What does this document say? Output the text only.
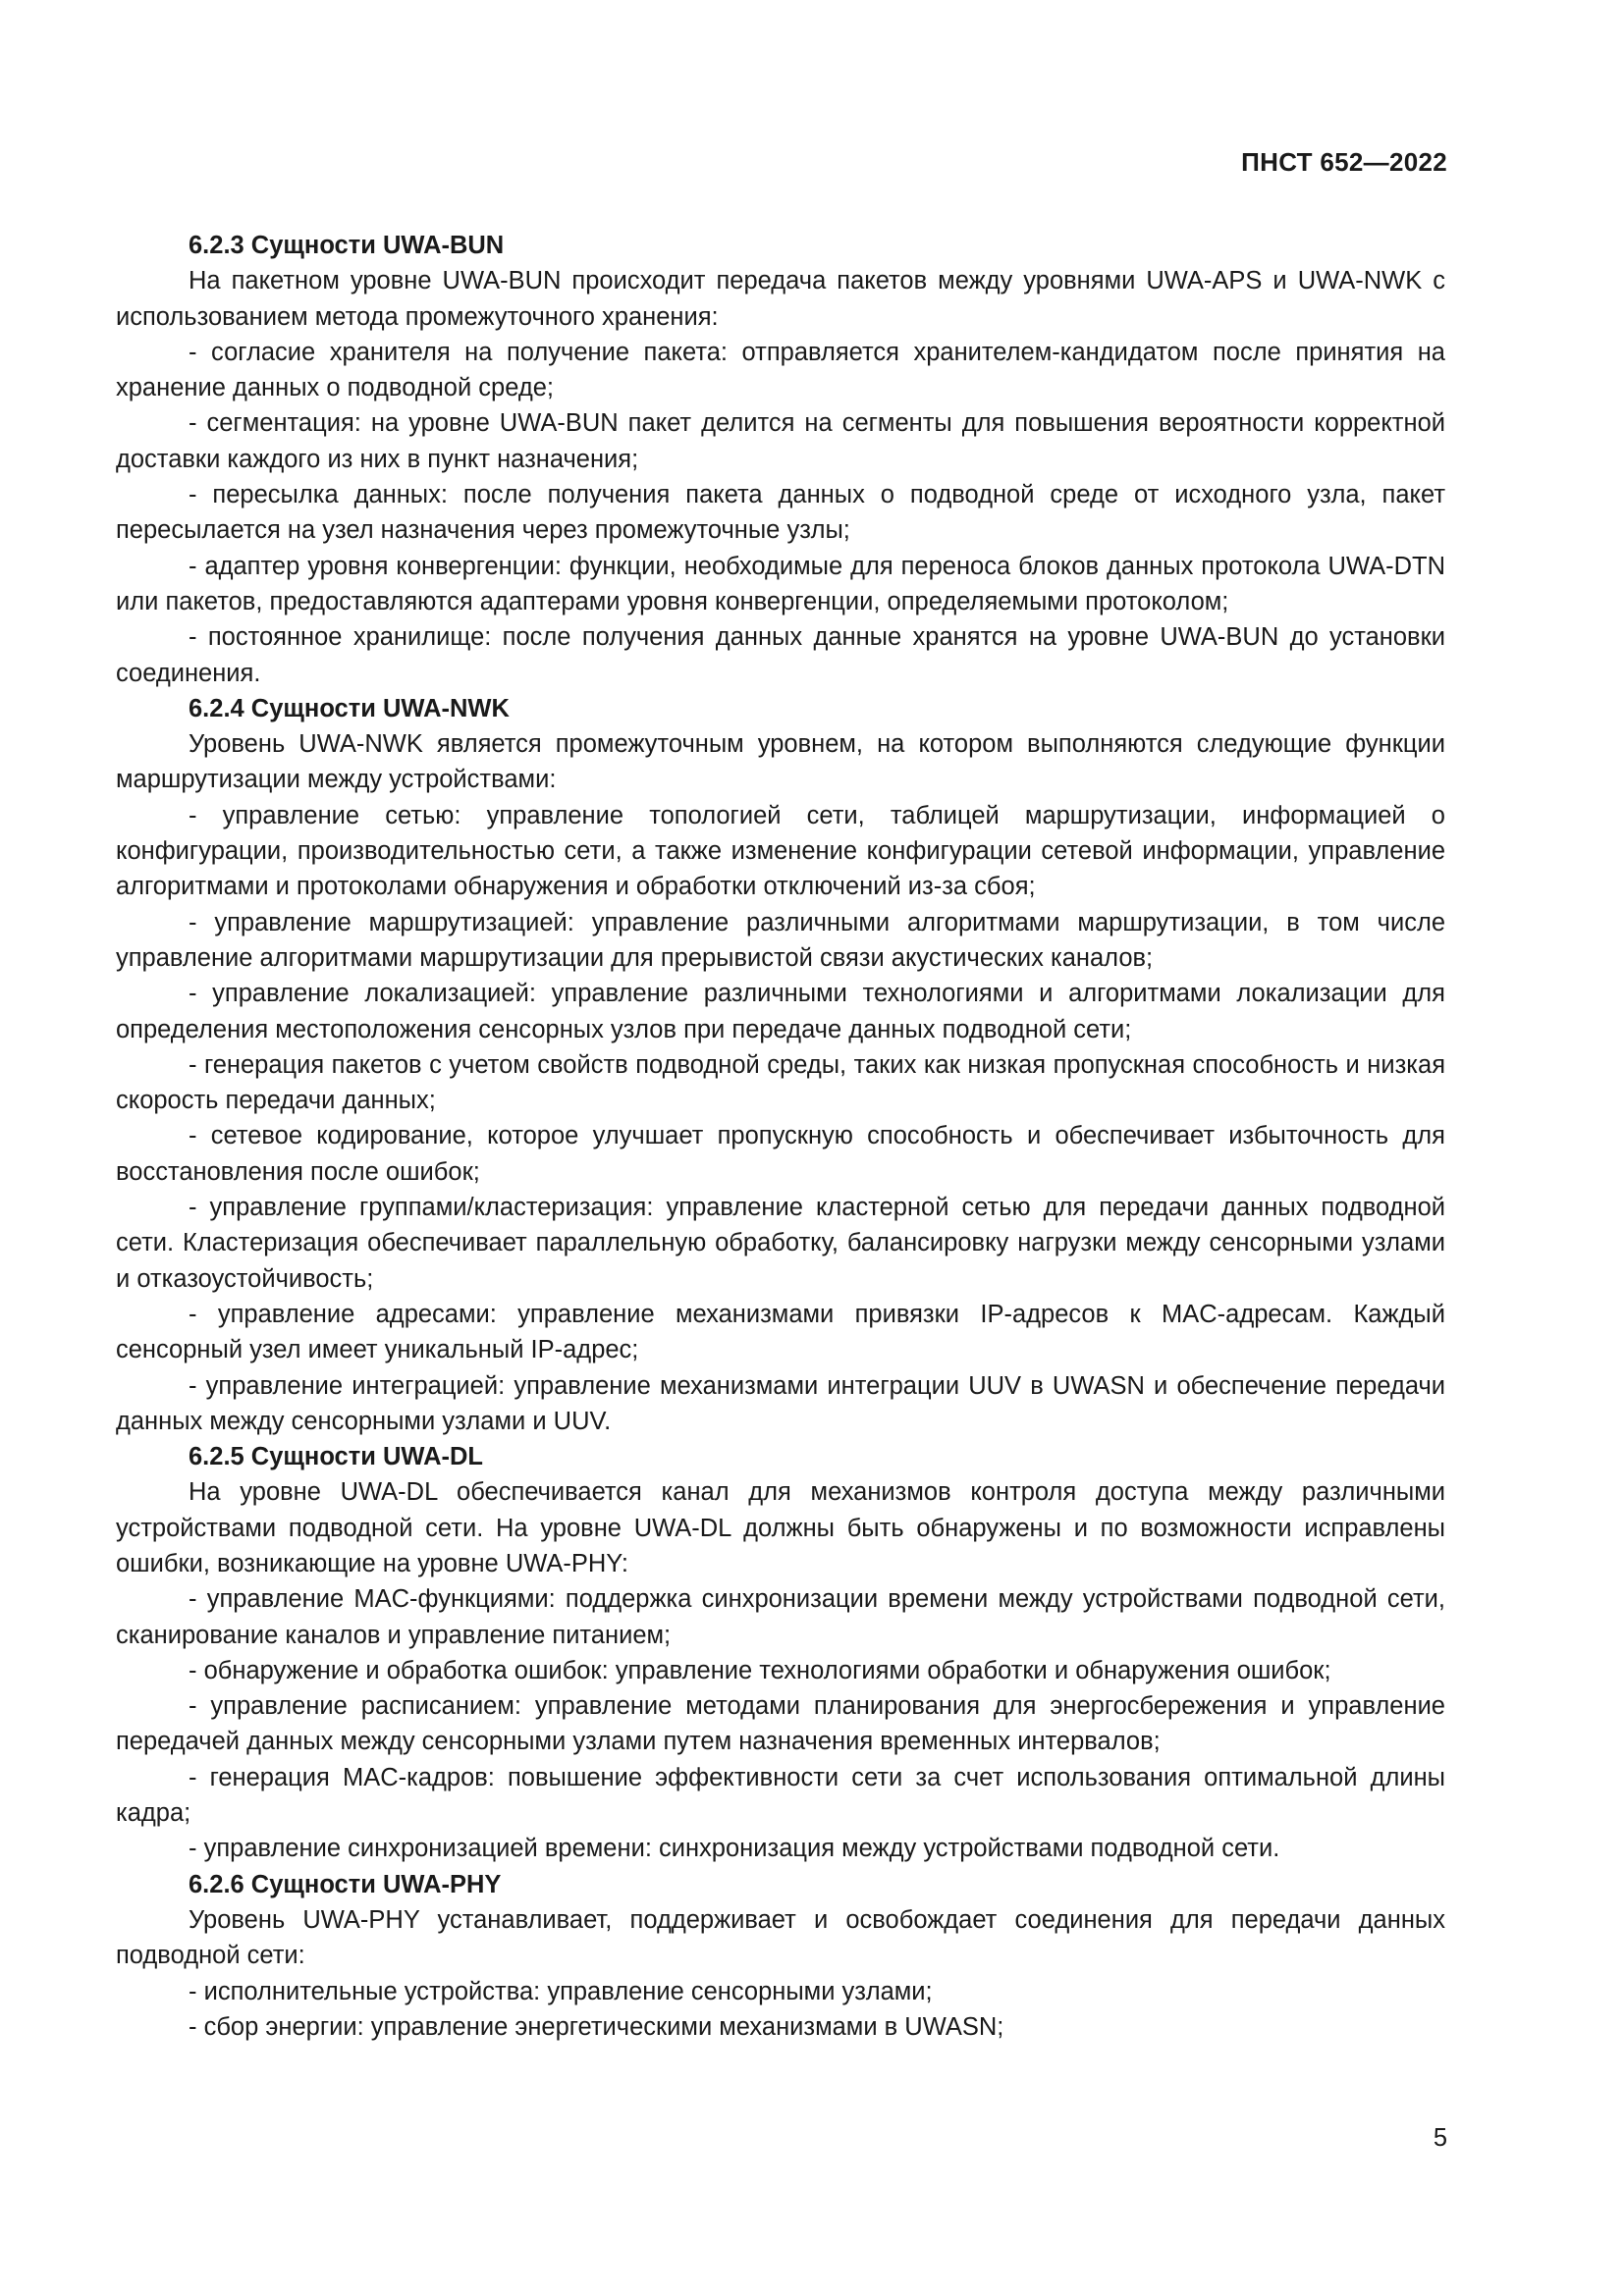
ПНСТ 652—2022

6.2.3 Сущности UWA-BUN

На пакетном уровне UWA-BUN происходит передача пакетов между уровнями UWA-APS и UWA-NWK с использованием метода промежуточного хранения:

- согласие хранителя на получение пакета: отправляется хранителем-кандидатом после принятия на хранение данных о подводной среде;

- сегментация: на уровне UWA-BUN пакет делится на сегменты для повышения вероятности корректной доставки каждого из них в пункт назначения;

- пересылка данных: после получения пакета данных о подводной среде от исходного узла, пакет пересылается на узел назначения через промежуточные узлы;

- адаптер уровня конвергенции: функции, необходимые для переноса блоков данных протокола UWA-DTN или пакетов, предоставляются адаптерами уровня конвергенции, определяемыми протоколом;

- постоянное хранилище: после получения данных данные хранятся на уровне UWA-BUN до установки соединения.

6.2.4 Сущности UWA-NWK

Уровень UWA-NWK является промежуточным уровнем, на котором выполняются следующие функции маршрутизации между устройствами:

- управление сетью: управление топологией сети, таблицей маршрутизации, информацией о конфигурации, производительностью сети, а также изменение конфигурации сетевой информации, управление алгоритмами и протоколами обнаружения и обработки отключений из-за сбоя;

- управление маршрутизацией: управление различными алгоритмами маршрутизации, в том числе управление алгоритмами маршрутизации для прерывистой связи акустических каналов;

- управление локализацией: управление различными технологиями и алгоритмами локализации для определения местоположения сенсорных узлов при передаче данных подводной сети;

- генерация пакетов с учетом свойств подводной среды, таких как низкая пропускная способность и низкая скорость передачи данных;

- сетевое кодирование, которое улучшает пропускную способность и обеспечивает избыточность для восстановления после ошибок;

- управление группами/кластеризация: управление кластерной сетью для передачи данных подводной сети. Кластеризация обеспечивает параллельную обработку, балансировку нагрузки между сенсорными узлами и отказоустойчивость;

- управление адресами: управление механизмами привязки IP-адресов к MAC-адресам. Каждый сенсорный узел имеет уникальный IP-адрес;

- управление интеграцией: управление механизмами интеграции UUV в UWASN и обеспечение передачи данных между сенсорными узлами и UUV.

6.2.5 Сущности UWA-DL

На уровне UWA-DL обеспечивается канал для механизмов контроля доступа между различными устройствами подводной сети. На уровне UWA-DL должны быть обнаружены и по возможности исправлены ошибки, возникающие на уровне UWA-PHY:

- управление MAC-функциями: поддержка синхронизации времени между устройствами подводной сети, сканирование каналов и управление питанием;

- обнаружение и обработка ошибок: управление технологиями обработки и обнаружения ошибок;

- управление расписанием: управление методами планирования для энергосбережения и управление передачей данных между сенсорными узлами путем назначения временных интервалов;

- генерация MAC-кадров: повышение эффективности сети за счет использования оптимальной длины кадра;

- управление синхронизацией времени: синхронизация между устройствами подводной сети.

6.2.6 Сущности UWA-PHY

Уровень UWA-PHY устанавливает, поддерживает и освобождает соединения для передачи данных подводной сети:

- исполнительные устройства: управление сенсорными узлами;

- сбор энергии: управление энергетическими механизмами в UWASN;

5
